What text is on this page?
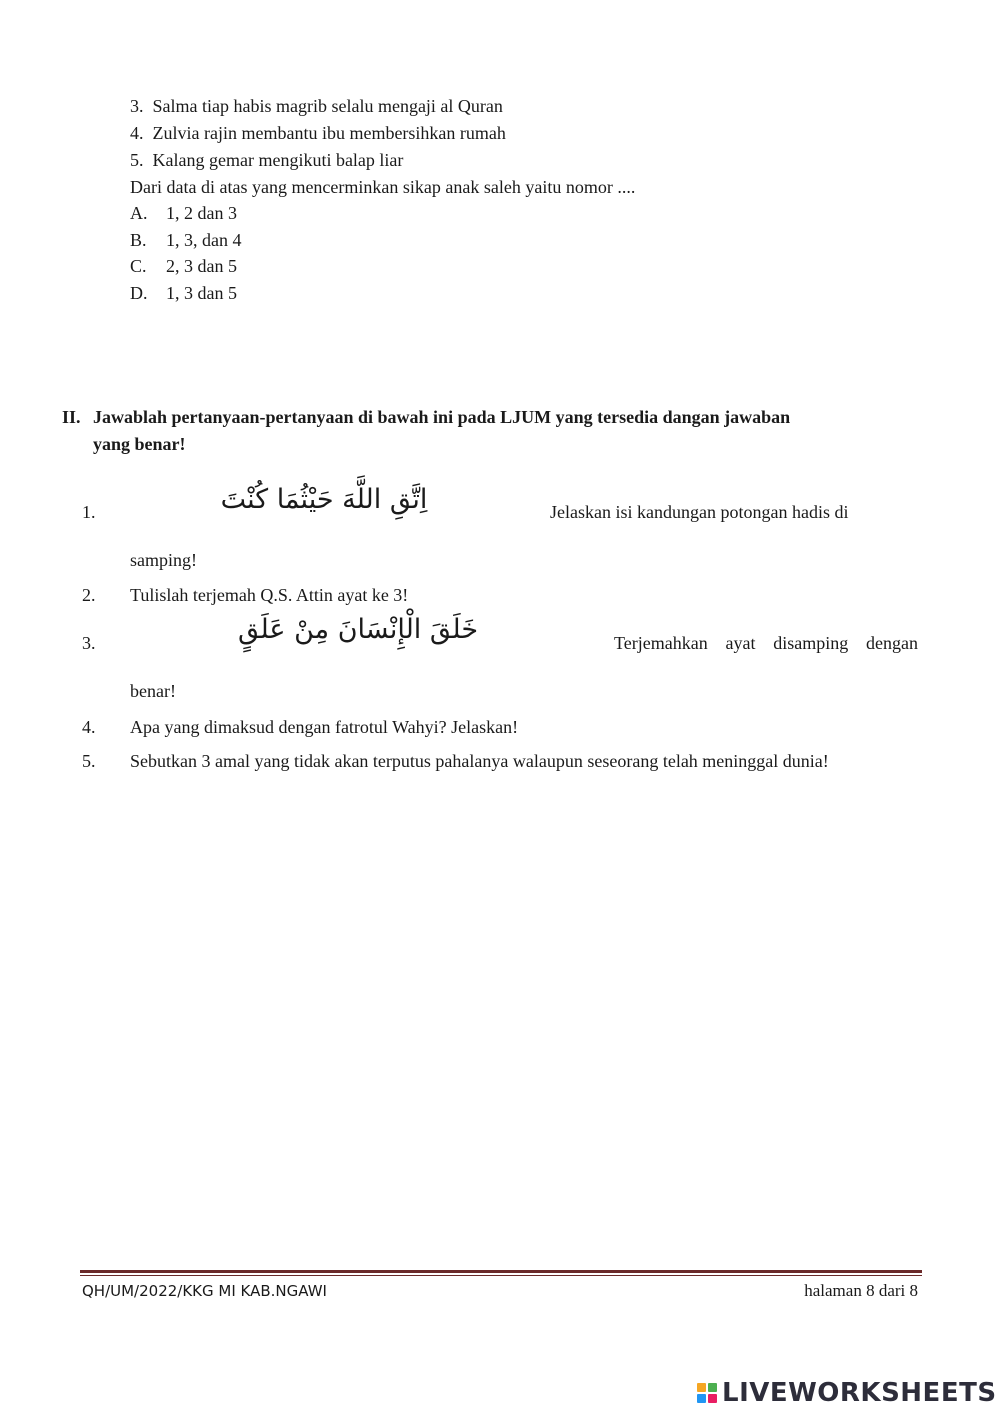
3. Salma tiap habis magrib selalu mengaji al Quran
4. Zulvia rajin membantu ibu membersihkan rumah
5. Kalang gemar mengikuti balap liar
Dari data di atas yang mencerminkan sikap anak saleh yaitu nomor ....
A. 1, 2 dan 3
B. 1, 3, dan 4
C. 2, 3 dan 5
D. 1, 3 dan 5
II. Jawablah pertanyaan-pertanyaan di bawah ini pada LJUM yang tersedia dangan jawaban
yang benar!
1.	اِتَّقِ اللَّهَ حَيْثُمَا كُنْتَ	Jelaskan isi kandungan potongan hadis di
samping!
2. Tulislah terjemah Q.S. Attin ayat ke 3!
3.	خَلَقَ الْإِنْسَانَ مِنْ عَلَقٍ	Terjemahkan ayat disamping dengan
benar!
4. Apa yang dimaksud dengan fatrotul Wahyi? Jelaskan!
5. Sebutkan 3 amal yang tidak akan terputus pahalanya walaupun seseorang telah meninggal dunia!
QH/UM/2022/KKG MI KAB.NGAWI	halaman 8 dari 8
LIVEWORKSHEETS
